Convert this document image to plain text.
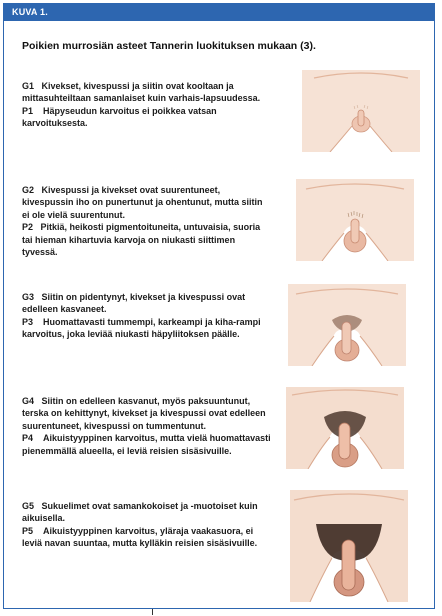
KUVA 1.
Poikien murrosiän asteet Tannerin luokituksen mukaan (3).

G1 Kivekset, kivespussi ja siitin ovat kooltaan ja mittasuhteiltaan samanlaiset kuin varhais-lapsuudessa.

P1 Häpyseudun karvoitus ei poikkea vatsan karvoituksesta.

G2 Kivespussi ja kivekset ovat suurentuneet, kivespussin iho on punertunut ja ohentunut, mutta siitin ei ole vielä suurentunut.

P2 Pitkiä, heikosti pigmentoituneita, untuvaisia, suoria tai hieman kihartuvia karvoja on niukasti siittimen tyvessä.

G3 Siitin on pidentynyt, kivekset ja kivespussi ovat edelleen kasvaneet.

P3 Huomattavasti tummempi, karkeampi ja kiha-rampi karvoitus, joka leviää niukasti häpyliitoksen päälle.

G4 Siitin on edelleen kasvanut, myös paksuuntunut, terska on kehittynyt, kivekset ja kivespussi ovat edelleen suurentuneet, kivespussi on tummentunut.

P4 Aikuistyyppinen karvoitus, mutta vielä huomattavasti pienemmällä alueella, ei leviä reisien sisäsivuille.

G5 Sukuelimet ovat samankokoiset ja -muotoiset kuin aikuisella.

P5 Aikuistyyppinen karvoitus, yläraja vaakasuora, ei leviä navan suuntaa, mutta kylläkin reisien sisäsivuille.
